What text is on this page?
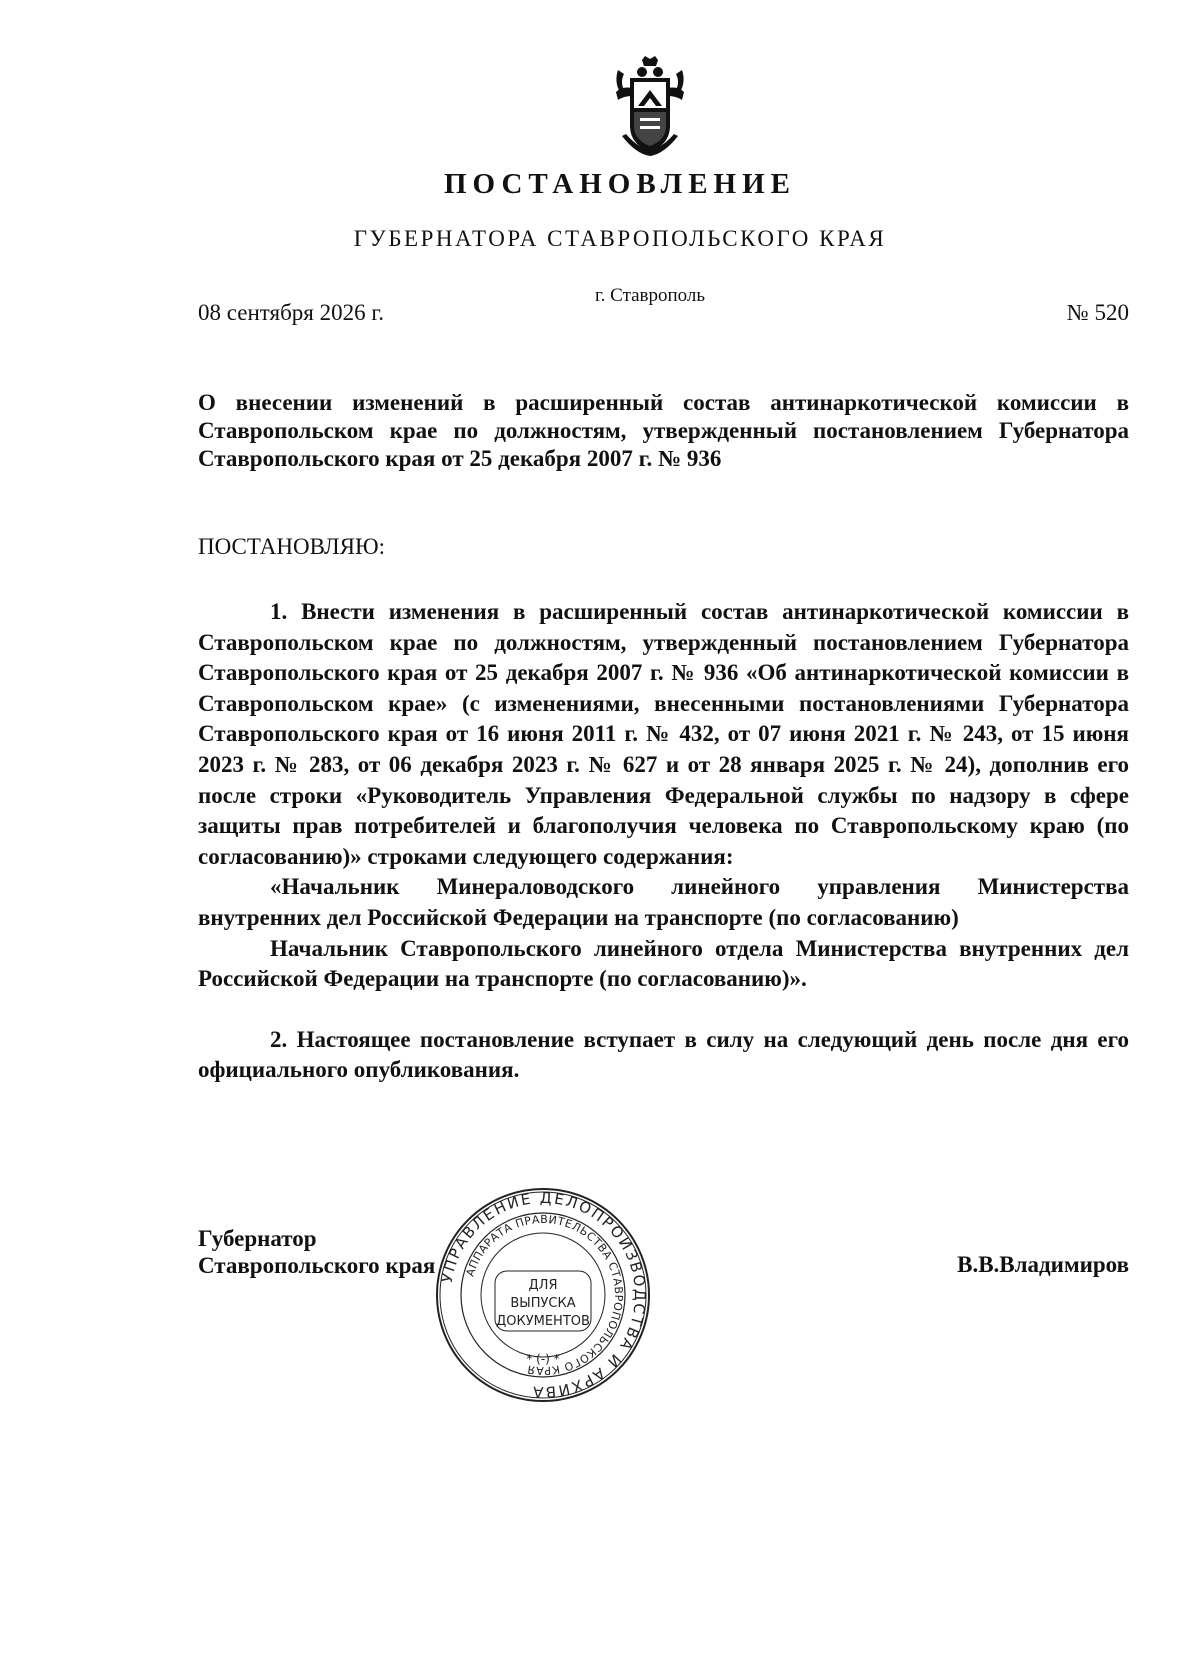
ПОСТАНОВЛЕНИЕ
ГУБЕРНАТОРА СТАВРОПОЛЬСКОГО КРАЯ
г. Ставрополь
08 сентября 2026 г.	№ 520
О внесении изменений в расширенный состав антинаркотической комиссии в Ставропольском крае по должностям, утвержденный постановлением Губернатора Ставропольского края от 25 декабря 2007 г. № 936
ПОСТАНОВЛЯЮ:

1. Внести изменения в расширенный состав антинаркотической комиссии в Ставропольском крае по должностям, утвержденный постановлением Губернатора Ставропольского края от 25 декабря 2007 г. № 936 «Об антинаркотической комиссии в Ставропольском крае» (с изменениями, внесенными постановлениями Губернатора Ставропольского края от 16 июня 2011 г. № 432, от 07 июня 2021 г. № 243, от 15 июня 2023 г. № 283, от 06 декабря 2023 г. № 627 и от 28 января 2025 г. № 24), дополнив его после строки «Руководитель Управления Федеральной службы по надзору в сфере защиты прав потребителей и благополучия человека по Ставропольскому краю (по согласованию)» строками следующего содержания:

«Начальник Минераловодского линейного управления Министерства внутренних дел Российской Федерации на транспорте (по согласованию)

Начальник Ставропольского линейного отдела Министерства внутренних дел Российской Федерации на транспорте (по согласованию)».

2. Настоящее постановление вступает в силу на следующий день после дня его официального опубликования.

Губернатор
Ставропольского края	В.В.Владимиров
УПРАВЛЕНИЕ ДЕЛОПРОИЗВОДСТВА И АРХИВА
АППАРАТА ПРАВИТЕЛЬСТВА СТАВРОПОЛЬСКОГО КРАЯ
ДЛЯ
ВЫПУСКА
ДОКУМЕНТОВ
* (-) *
